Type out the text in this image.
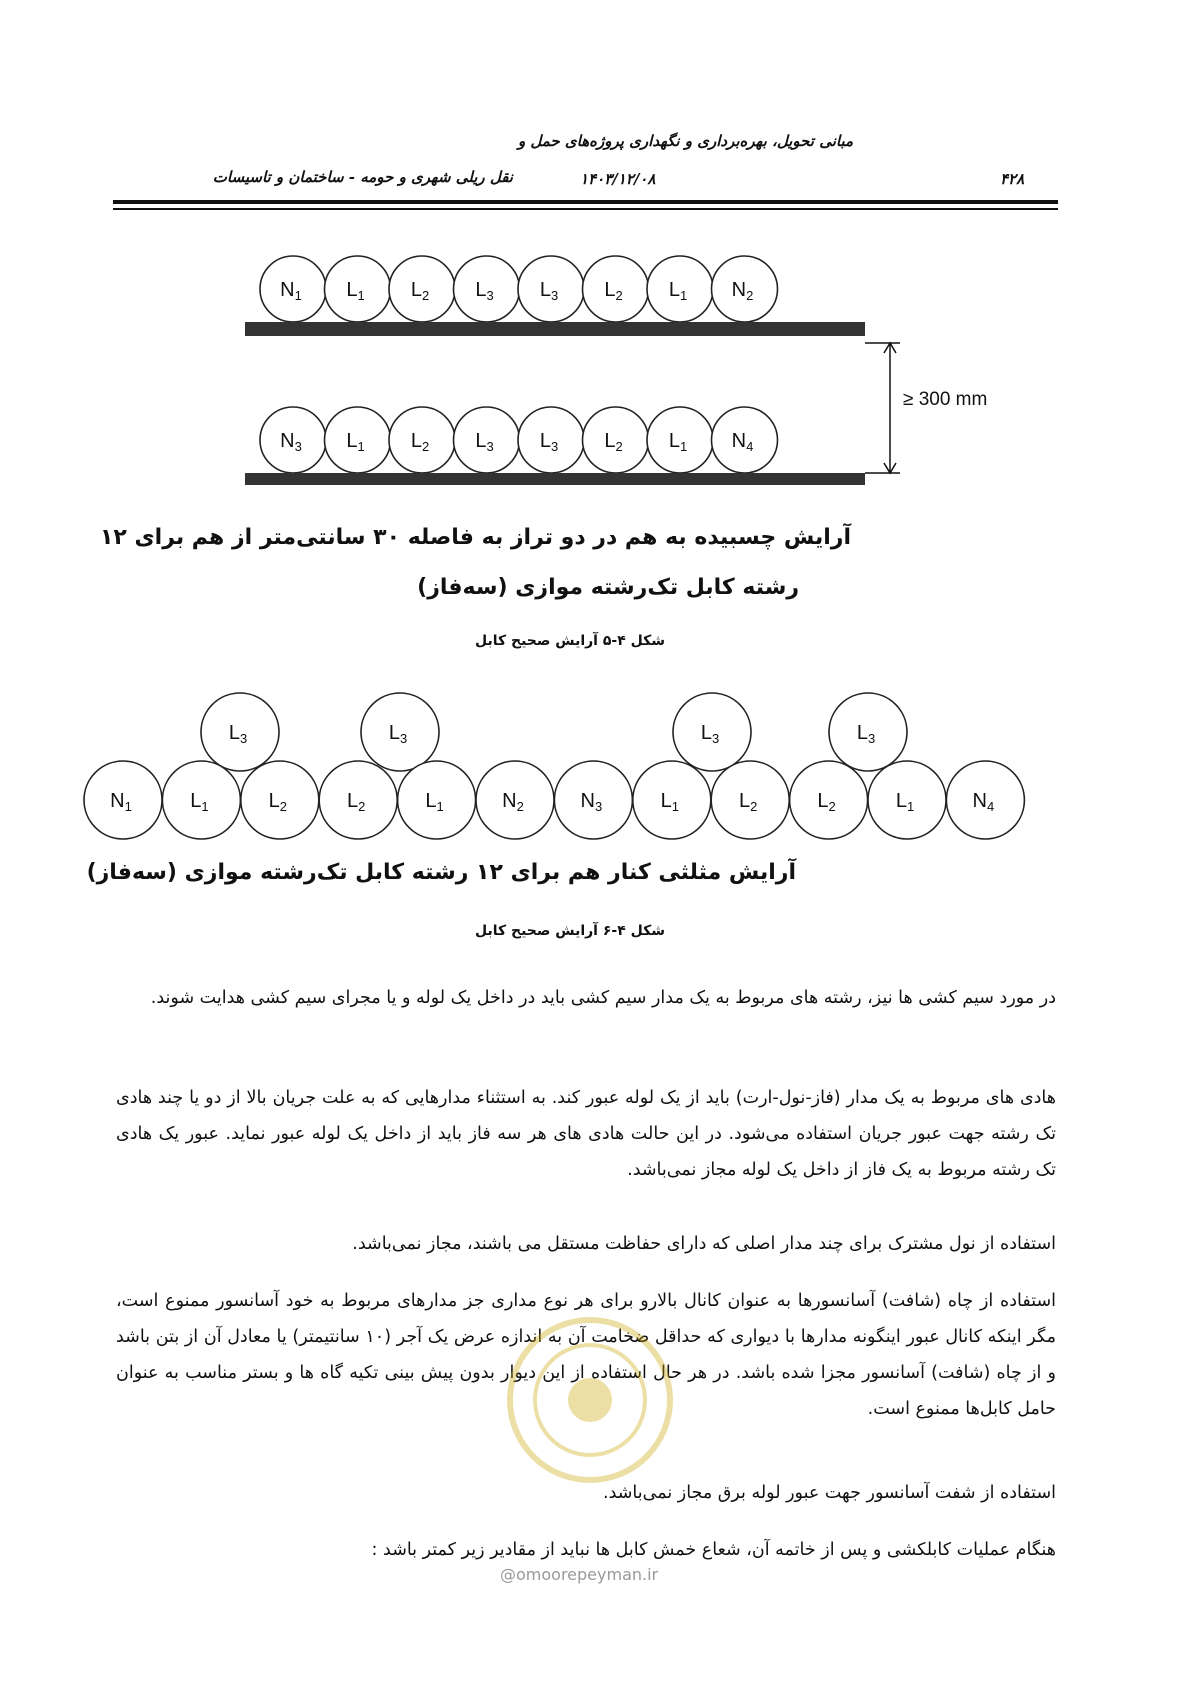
مبانی تحویل، بهره‌برداری و نگهداری پروژه‌های حمل و
نقل ریلی شهری و حومه - ساختمان و تاسیسات	۱۴۰۳/۱۲/۰۸	۴۲۸
$N_1$ $L_1$ $L_2$ $L_3$ $L_3$ $L_2$ $L_1$ $N_2$
$N_3$ $L_1$ $L_2$ $L_3$ $L_3$ $L_2$ $L_1$ $N_4$
≥ 300 mm
آرایش چسبیده به هم در دو تراز به فاصله ۳۰ سانتی‌متر از هم برای ۱۲
رشته کابل تک‌رشته موازی (سه‌فاز)
شکل ۴-۵ آرایش صحیح کابل
$L_3$	$L_3$	$L_3$	$L_3$
$N_1$	$L_1$	$L_2$	$L_2$	$L_1$	$N_2$	$N_3$	$L_1$	$L_2$	$L_2$	$L_1$	$N_4$
آرایش مثلثی کنار هم برای ۱۲ رشته کابل تک‌رشته موازی (سه‌فاز)
شکل ۴-۶ آرایش صحیح کابل
در مورد سیم کشی ها نیز، رشته های مربوط به یک مدار سیم کشی باید در داخل یک لوله و یا مجرای سیم کشی هدایت شوند.
هادی های مربوط به یک مدار (فاز-نول-ارت) باید از یک لوله عبور کند. به استثناء مدارهایی که به علت جریان بالا از دو یا چند هادی تک رشته جهت عبور جریان استفاده می‌شود. در این حالت هادی های هر سه فاز باید از داخل یک لوله عبور نماید. عبور یک هادی تک رشته مربوط به یک فاز از داخل یک لوله مجاز نمی‌باشد.
استفاده از نول مشترک برای چند مدار اصلی که دارای حفاظت مستقل می باشند، مجاز نمی‌باشد.
استفاده از چاه (شافت) آسانسورها به عنوان کانال بالارو برای هر نوع مداری جز مدارهای مربوط به خود آسانسور ممنوع است، مگر اینکه کانال عبور اینگونه مدارها با دیواری که حداقل ضخامت آن به اندازه عرض یک آجر (۱۰ سانتیمتر) یا معادل آن از بتن باشد و از چاه (شافت) آسانسور مجزا شده باشد. در هر حال استفاده از این دیوار بدون پیش بینی تکیه گاه ها و بستر مناسب به عنوان حامل کابل‌ها ممنوع است.
استفاده از شفت آسانسور جهت عبور لوله برق مجاز نمی‌باشد.
هنگام عملیات کابلکشی و پس از خاتمه آن، شعاع خمش کابل ها نباید از مقادیر زیر کمتر باشد :
@omoorepeyman.ir
